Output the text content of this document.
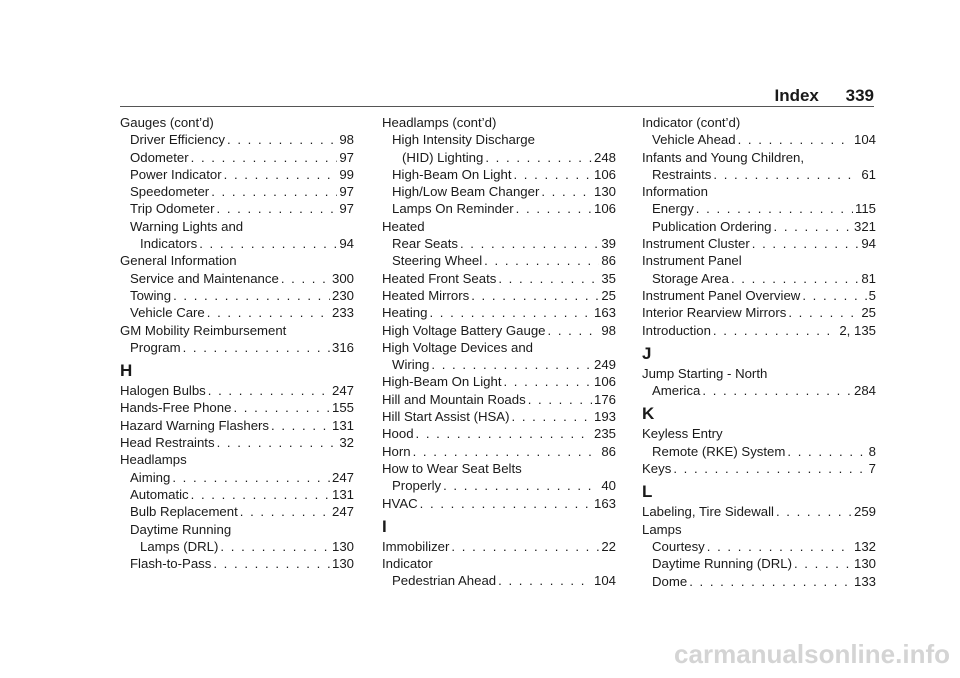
Index 339
Gauges (cont’d)
Driver Efficiency . . .	98
Odometer . . .	97
Power Indicator . . .	99
Speedometer . . .	97
Trip Odometer . . .	97
Warning Lights and
Indicators . . .	94
General Information
Service and Maintenance . . .	300
Towing . . .	230
Vehicle Care . . .	233
GM Mobility Reimbursement
Program . . .	316
H
Halogen Bulbs . . .	247
Hands-Free Phone . . .	155
Hazard Warning Flashers . . .	131
Head Restraints . . .	32
Headlamps
Aiming . . .	247
Automatic . . .	131
Bulb Replacement . . .	247
Daytime Running
Lamps (DRL) . . .	130
Flash-to-Pass . . .	130
Headlamps (cont’d)
High Intensity Discharge
(HID) Lighting . . .	248
High-Beam On Light . . .	106
High/Low Beam Changer . . .	130
Lamps On Reminder . . .	106
Heated
Rear Seats . . .	39
Steering Wheel . . .	86
Heated Front Seats . . .	35
Heated Mirrors . . .	25
Heating . . .	163
High Voltage Battery Gauge . . .	98
High Voltage Devices and
Wiring . . .	249
High-Beam On Light . . .	106
Hill and Mountain Roads . . .	176
Hill Start Assist (HSA) . . .	193
Hood . . .	235
Horn . . .	86
How to Wear Seat Belts
Properly . . .	40
HVAC . . .	163
I
Immobilizer . . .	22
Indicator
Pedestrian Ahead . . .	104
Indicator (cont’d)
Vehicle Ahead . . .	104
Infants and Young Children,
Restraints . . .	61
Information
Energy . . .	115
Publication Ordering . . .	321
Instrument Cluster . . .	94
Instrument Panel
Storage Area . . .	81
Instrument Panel Overview . . .	5
Interior Rearview Mirrors . . .	25
Introduction . . .	2, 135
J
Jump Starting - North
America . . .	284
K
Keyless Entry
Remote (RKE) System . . .	8
Keys . . .	7
L
Labeling, Tire Sidewall . . .	259
Lamps
Courtesy . . .	132
Daytime Running (DRL) . . .	130
Dome . . .	133
carmanualsonline.info
